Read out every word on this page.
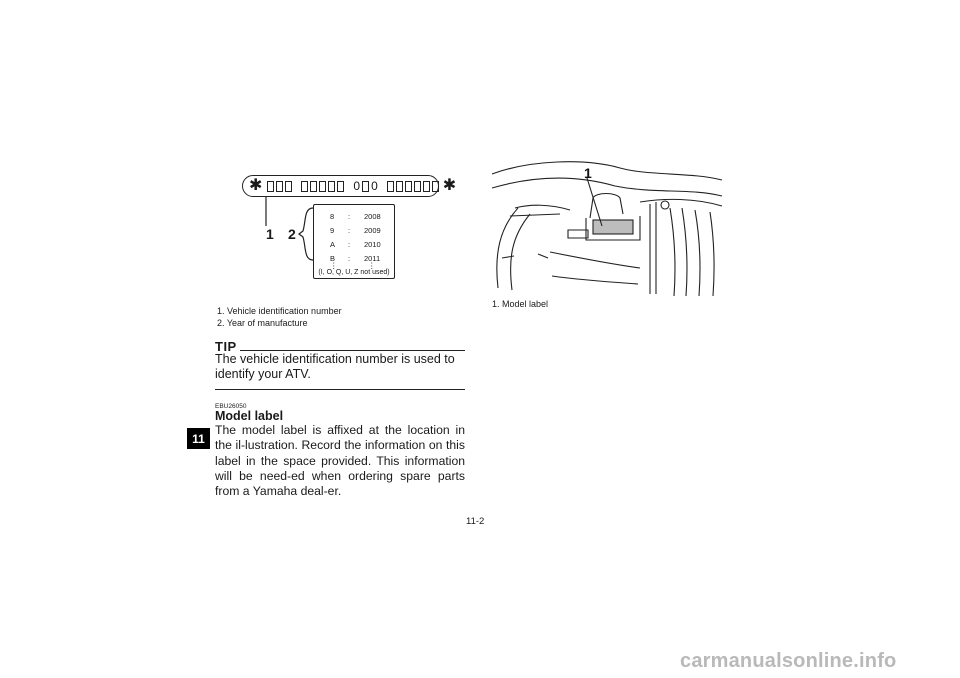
✱	0 0	✱
1 2
8 : 2008
9 : 2009
A : 2010
B : 2011
⋮	⋮
(I, O, Q, U, Z not used)
1. Vehicle identification number
2. Year of manufacture
TIP
The vehicle identification number is used to identify your ATV.
EBU26050
Model label
The model label is affixed at the location in the il-lustration. Record the information on this label in the space provided. This information will be need-ed when ordering spare parts from a Yamaha deal-er.
11
1
1. Model label
11-2
carmanualsonline.info
